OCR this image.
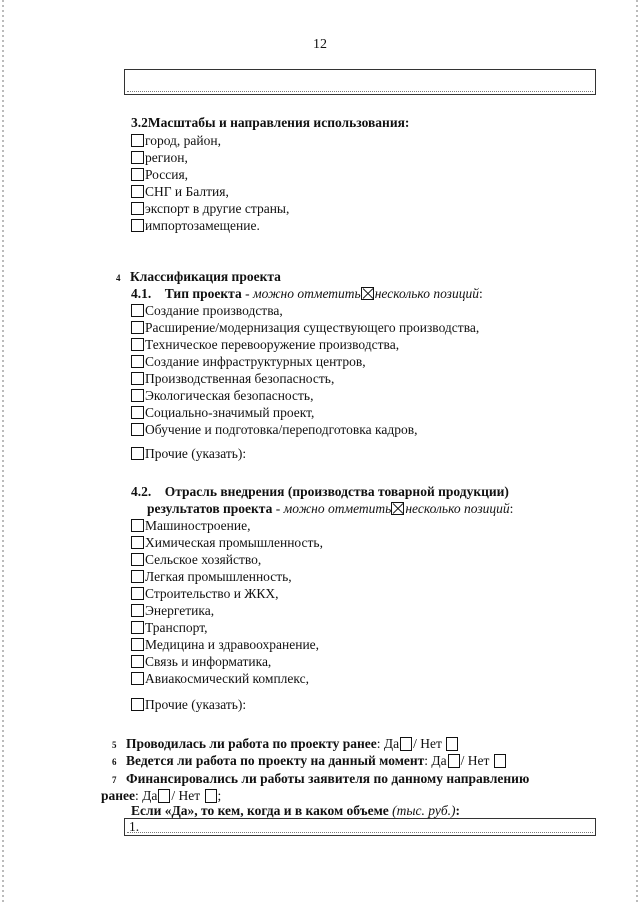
12
3.2Масштабы и направления использования:
город, район,
регион,
Россия,
СНГ и Балтия,
экспорт в другие страны,
импортозамещение.
4 Классификация проекта
4.1. Тип проекта - можно отметить несколько позиций:
Создание производства,
Расширение/модернизация существующего производства,
Техническое перевооружение производства,
Создание инфраструктурных центров,
Производственная безопасность,
Экологическая безопасность,
Социально-значимый проект,
Обучение и подготовка/переподготовка кадров,
Прочие (указать):
4.2. Отрасль внедрения (производства товарной продукции)
результатов проекта - можно отметить несколько позиций:
Машиностроение,
Химическая промышленность,
Сельское хозяйство,
Легкая промышленность,
Строительство и ЖКХ,
Энергетика,
Транспорт,
Медицина и здравоохранение,
Связь и информатика,
Авиакосмический комплекс,
Прочие (указать):
5 Проводилась ли работа по проекту ранее: Да / Нет
6 Ведется ли работа по проекту на данный момент: Да / Нет
7 Финансировались ли работы заявителя по данному направлению
ранее: Да / Нет ;
Если «Да», то кем, когда и в каком объеме (тыс. руб.):
1.
